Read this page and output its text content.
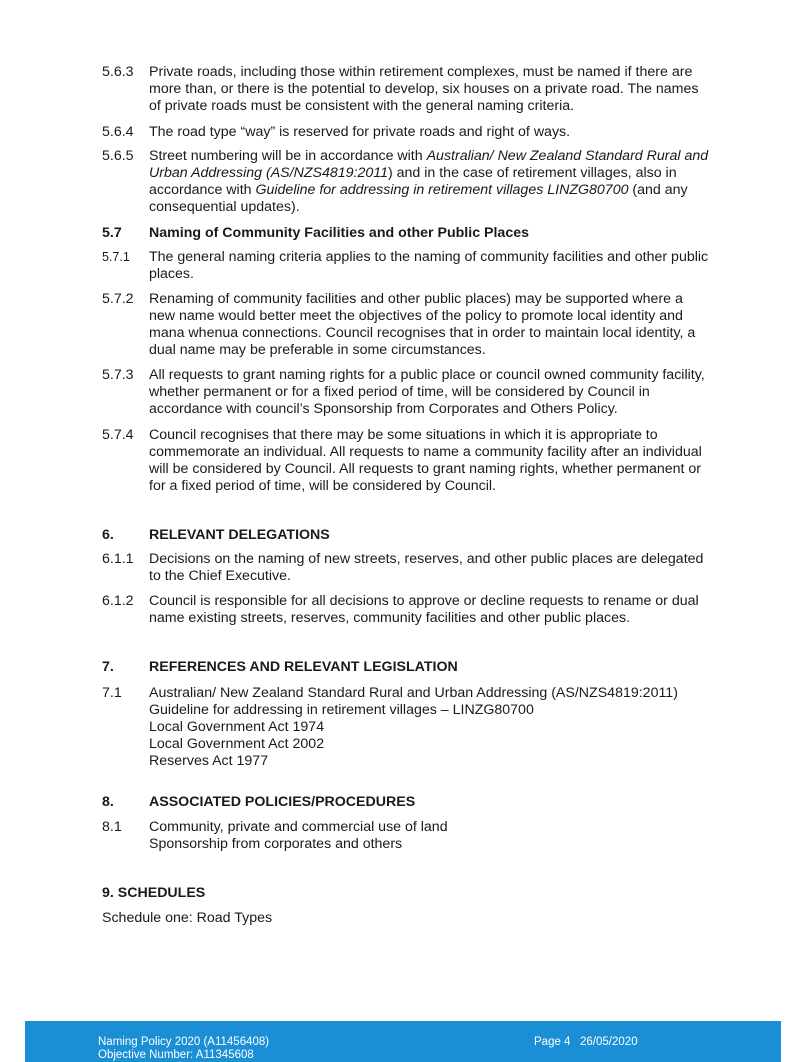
5.6.3	Private roads, including those within retirement complexes, must be named if there are more than, or there is the potential to develop, six houses on a private road. The names of private roads must be consistent with the general naming criteria.
5.6.4	The road type “way” is reserved for private roads and right of ways.
5.6.5	Street numbering will be in accordance with Australian/ New Zealand Standard Rural and Urban Addressing (AS/NZS4819:2011) and in the case of retirement villages, also in accordance with Guideline for addressing in retirement villages LINZG80700 (and any consequential updates).
5.7	Naming of Community Facilities and other Public Places
5.7.1	The general naming criteria applies to the naming of community facilities and other public places.
5.7.2	Renaming of community facilities and other public places) may be supported where a new name would better meet the objectives of the policy to promote local identity and mana whenua connections. Council recognises that in order to maintain local identity, a dual name may be preferable in some circumstances.
5.7.3	All requests to grant naming rights for a public place or council owned community facility, whether permanent or for a fixed period of time, will be considered by Council in accordance with council’s Sponsorship from Corporates and Others Policy.
5.7.4	Council recognises that there may be some situations in which it is appropriate to commemorate an individual. All requests to name a community facility after an individual will be considered by Council. All requests to grant naming rights, whether permanent or for a fixed period of time, will be considered by Council.
6.	RELEVANT DELEGATIONS
6.1.1	Decisions on the naming of new streets, reserves, and other public places are delegated to the Chief Executive.
6.1.2	Council is responsible for all decisions to approve or decline requests to rename or dual name existing streets, reserves, community facilities and other public places.
7.	REFERENCES AND RELEVANT LEGISLATION
7.1	Australian/ New Zealand Standard Rural and Urban Addressing (AS/NZS4819:2011)
Guideline for addressing in retirement villages – LINZG80700
Local Government Act 1974
Local Government Act 2002
Reserves Act 1977
8.	ASSOCIATED POLICIES/PROCEDURES
8.1	Community, private and commercial use of land
Sponsorship from corporates and others
9. SCHEDULES
Schedule one: Road Types
Naming Policy 2020 (A11456408)
Objective Number: A11345608
Page 4   26/05/2020
